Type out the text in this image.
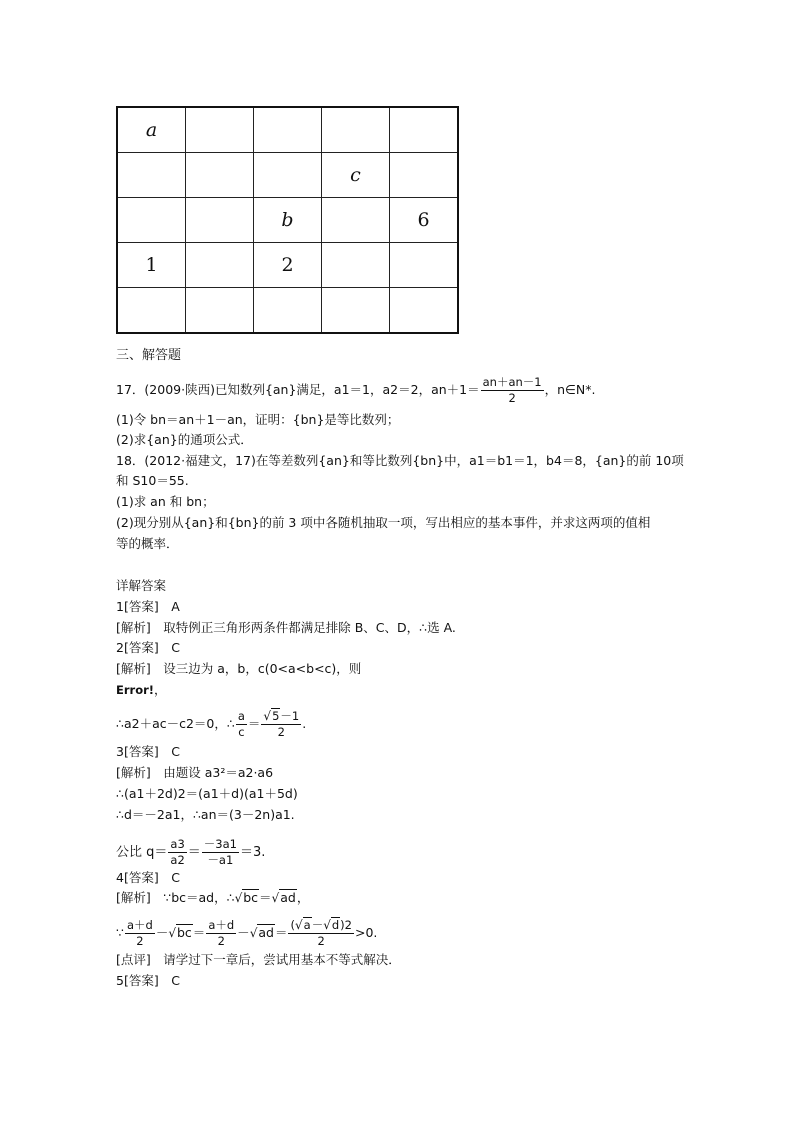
a				
			c	
		b		6
1		2		

三、解答题
17．(2009·陕西)已知数列{an}满足，a1＝1，a2＝2，$an+1= \frac{an+an-1}{2}$ ，n∈N*.
(1)令 bn＝an＋1－an，证明：{bn}是等比数列；
(2)求{an}的通项公式．
18．(2012·福建文，17)在等差数列{an}和等比数列{bn}中，a1＝b1＝1，b4＝8，{an}的前 10项
和 S10＝55.
(1)求 an 和 bn；
(2)现分别从{an}和{bn}的前 3 项中各随机抽取一项，写出相应的基本事件，并求这两项的值相
等的概率．
详解答案
1[答案]　A
[解析]　取特例正三角形两条件都满足排除 B、C、D，∴选 A.
2[答案]　C
[解析]　设三边为 a，b，c(0<a<b<c)，则
Error!，
∴a2＋ac－c2＝0，∴ $\frac{a}{c} = \frac{√5-1}{2}$ .
3[答案]　C
[解析]　由题设 a3²＝a2·a6
∴(a1＋2d)2＝(a1＋d)(a1＋5d)
∴d＝－2a1，∴an＝(3－2n)a1.
公比 $q= \frac{a3}{a2} = \frac{-3a1}{-a1} =3$.
4[答案]　C
[解析]　∵bc＝ad，∴√bc＝√ad，
∵ $\frac{a+d}{2} -√bc= \frac{a+d}{2} -√ad= \frac{(√a-√d)2}{2} >0$.
[点评]　请学过下一章后，尝试用基本不等式解决．
5[答案]　C
